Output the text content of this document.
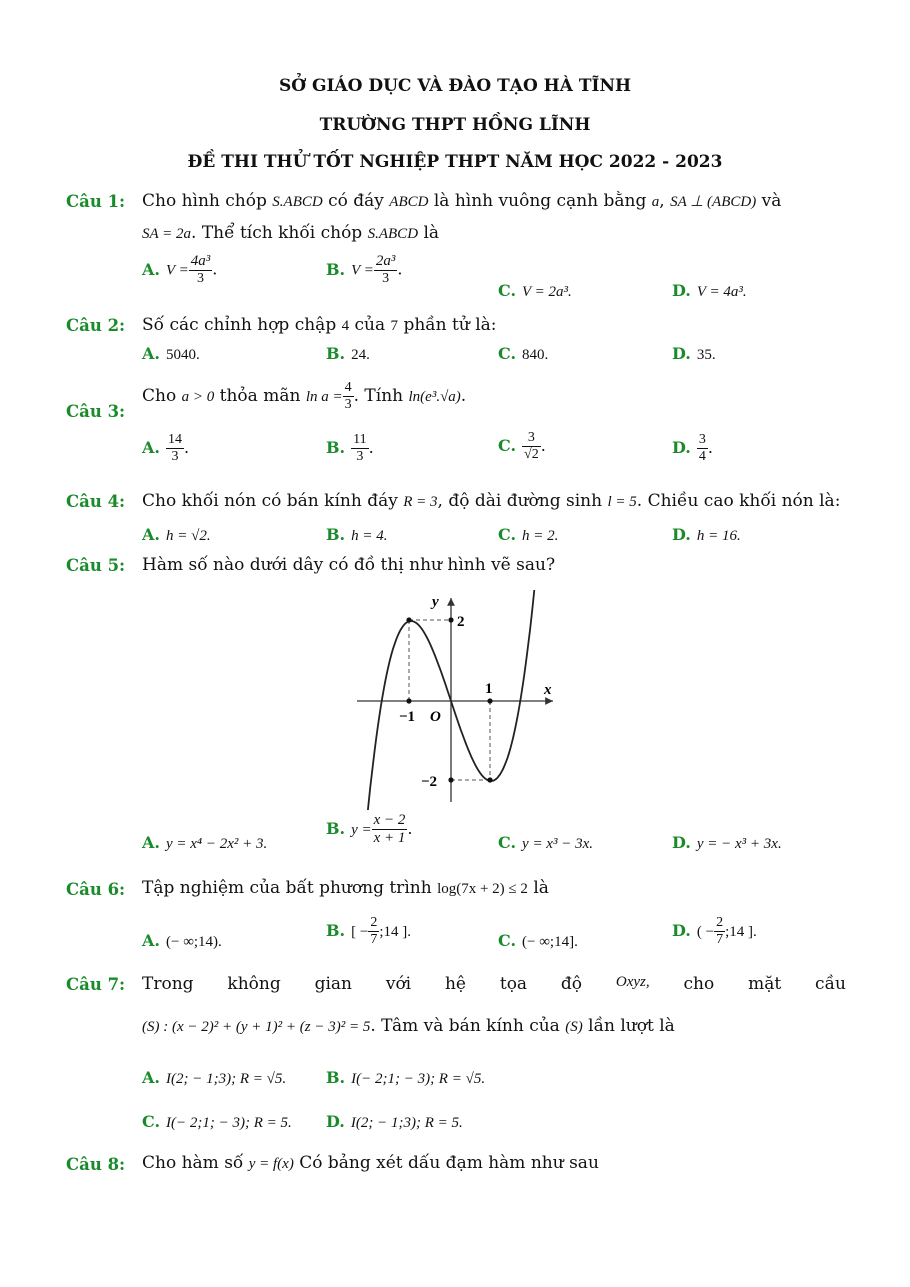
SỞ GIÁO DỤC VÀ ĐÀO TẠO HÀ TĨNH
TRƯỜNG THPT HỒNG LĨNH
ĐỀ THI THỬ TỐT NGHIỆP THPT NĂM HỌC 2022 - 2023
Câu 1: Cho hình chóp S.ABCD có đáy ABCD là hình vuông cạnh bằng a, SA ⊥ (ABCD) và
SA = 2a. Thể tích khối chóp S.ABCD là
A. $V = \frac{\text{4a³}}{3}$ .	B. $V = \frac{\text{2a³}}{3}$ .
C. V = 2a³.	D. V = 4a³.
Câu 2: Số các chỉnh hợp chập 4 của 7 phần tử là:
A. 5040.	B. 24.	C. 840.	D. 35.
Câu 3:
Cho a > 0 thỏa mãn $\ln a = \frac{4}{3}$ . Tính ln(e³.√a).
A. $\frac{14}{3}$ .	B. $\frac{11}{3}$ .	C. $\frac{3}{√2}$ .	D. $\frac{3}{4}$ .
Câu 4: Cho khối nón có bán kính đáy R = 3, độ dài đường sinh l = 5. Chiều cao khối nón là:
A. h = √2.	B. h = 4.	C. h = 2.	D. h = 16.
Câu 5: Hàm số nào dưới dây có đồ thị như hình vẽ sau?
y
x
2
1
−1 O
−2
A. y = x⁴ − 2x² + 3.
B. $y = \frac{x - 2}{x + 1}$ .
C. y = x³ − 3x.	D. y = − x³ + 3x.
Câu 6: Tập nghiệm của bất phương trình log(7x + 2) ≤ 2 là
A. (− ∞;14).
B. [ − $\frac{2}{7}$ ;14 ].	C. (− ∞;14].
D. ( − $\frac{2}{7}$ ;14 ].
Câu 7: Trong không gian với hệ tọa độ Oxyz, cho mặt cầu
(S) : (x − 2)² + (y + 1)² + (z − 3)² = 5. Tâm và bán kính của (S) lần lượt là
A. I(2; − 1;3); R = √5. B. I(− 2;1; − 3); R = √5.
C. I(− 2;1; − 3); R = 5. D. I(2; − 1;3); R = 5.
Câu 8: Cho hàm số y = f(x) Có bảng xét dấu đạm hàm như sau
